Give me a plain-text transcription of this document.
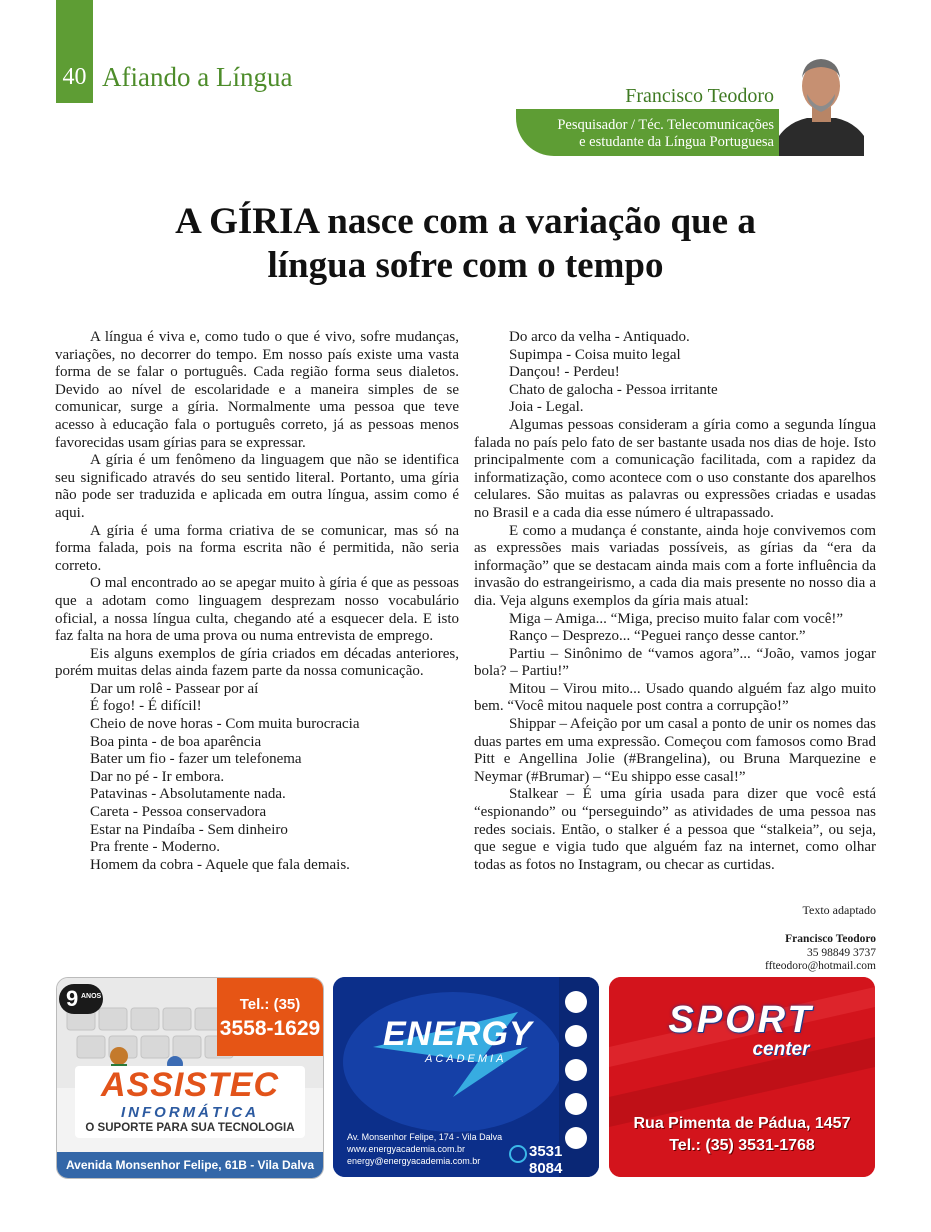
40 Afiando a Língua
Francisco Teodoro
Pesquisador / Téc. Telecomunicações
e estudante da Língua Portuguesa
A GÍRIA nasce com a variação que a
língua sofre com o tempo

A língua é viva e, como tudo o que é vivo, sofre mudanças, variações, no decorrer do tempo. Em nosso país existe uma vasta forma de se falar o português. Cada região forma seus dialetos. Devido ao nível de escolaridade e a maneira simples de se comunicar, surge a gíria. Normalmente uma pessoa que teve acesso à educação fala o português correto, já as pessoas menos favorecidas usam gírias para se expressar.

A gíria é um fenômeno da linguagem que não se identifica seu significado através do seu sentido literal. Portanto, uma gíria não pode ser traduzida e aplicada em outra língua, assim como é aqui.

A gíria é uma forma criativa de se comunicar, mas só na forma falada, pois na forma escrita não é permitida, não seria correto.

O mal encontrado ao se apegar muito à gíria é que as pessoas que a adotam como linguagem desprezam nosso vocabulário oficial, a nossa língua culta, chegando até a esquecer dela. E isto faz falta na hora de uma prova ou numa entrevista de emprego.

Eis alguns exemplos de gíria criados em décadas anteriores, porém muitas delas ainda fazem parte da nossa comunicação.

Dar um rolê - Passear por aí

É fogo! - É difícil!

Cheio de nove horas - Com muita burocracia

Boa pinta - de boa aparência

Bater um fio - fazer um telefonema

Dar no pé - Ir embora.

Patavinas - Absolutamente nada.

Careta - Pessoa conservadora

Estar na Pindaíba - Sem dinheiro

Pra frente - Moderno.

Homem da cobra - Aquele que fala demais.

Do arco da velha - Antiquado.

Supimpa - Coisa muito legal

Dançou! - Perdeu!

Chato de galocha - Pessoa irritante

Joia - Legal.

Algumas pessoas consideram a gíria como a segunda língua falada no país pelo fato de ser bastante usada nos dias de hoje. Isto principalmente com a comunicação facilitada, com a rapidez da informatização, como acontece com o uso constante dos aparelhos celulares. São muitas as palavras ou expressões criadas e usadas no Brasil e a cada dia esse número é ultrapassado.

E como a mudança é constante, ainda hoje convivemos com as expressões mais variadas possíveis, as gírias da “era da informação” que se destacam ainda mais com a forte influência da invasão do estrangeirismo, a cada dia mais presente no nosso dia a dia. Veja alguns exemplos da gíria mais atual:

Miga – Amiga... “Miga, preciso muito falar com você!”

Ranço – Desprezo... “Peguei ranço desse cantor.”

Partiu – Sinônimo de “vamos agora”... “João, vamos jogar bola? – Partiu!”

Mitou – Virou mito... Usado quando alguém faz algo muito bem. “Você mitou naquele post contra a corrupção!”

Shippar – Afeição por um casal a ponto de unir os nomes das duas partes em uma expressão. Começou com famosos como Brad Pitt e Angellina Jolie (#Brangelina), ou Bruna Marquezine e Neymar (#Brumar) – “Eu shippo esse casal!”

Stalkear – É uma gíria usada para dizer que você está “espionando” ou “perseguindo” as atividades de uma pessoa nas redes sociais. Então, o stalker é a pessoa que “stalkeia”, ou seja, que segue e vigia tudo que alguém faz na internet, como olhar todas as fotos no Instagram, ou checar as curtidas.

Texto adaptado
Francisco Teodoro
35 98849 3737
ffteodoro@hotmail.com
9 ANOS	Tel.: (35)
3558-1629
ASSISTEC
INFORMÁTICA
O SUPORTE PARA SUA TECNOLOGIA
Avenida Monsenhor Felipe, 61B - Vila Dalva
ENERGY
ACADEMIA
Av. Monsenhor Felipe, 174 - Vila Dalva
www.energyacademia.com.br
energy@energyacademia.com.br
3531 8084
SPORT
center
Rua Pimenta de Pádua, 1457
Tel.: (35) 3531-1768
